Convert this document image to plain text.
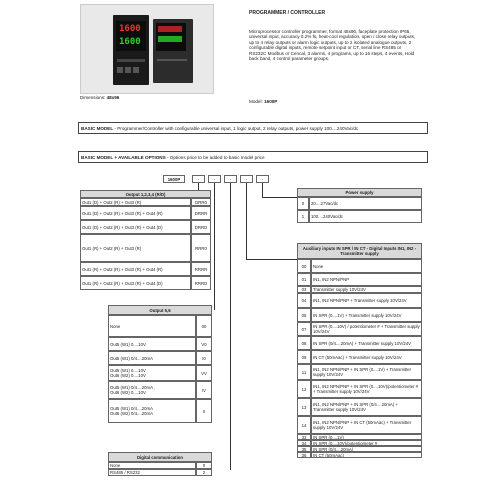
1600
1600
Dimensions: 48x96
PROGRAMMER / CONTROLLER
Microprocessor controller programmer, format 48x96, faceplate protection IP65, universal input, accuracy 0.2% fs, heat-cool regulation, open / close relay outputs, up to 4 relay outputs or alarm logic outputs, up to 2 isolated analogue outputs, 2 configurable digital inputs, remote setpoint input or CT, serial line RS485 or RS232C Modbus or Cencal, 3 alarms, 4 programs, up to 16 steps, 4 events, Hold back band, 4 control parameter groups.
Model: 1600P
BASIC MODEL - Programmer/Controller with configurable universal input, 1 logic output, 2 relay outputs, power supply 100....240Vac/dc
BASIC MODEL + AVAILABLE OPTIONS - Options price to be added to basic model price
1600P	-	-	-	-	-
Output 1,2,3,4 (R/D)
Out1 (D) + Out2 (R) + Out3 (R)	DRR0
Out1 (D) + Out2 (R) + Out3 (R) + Out4 (R)	DRRR
Out1 (D) + Out2 (R) + Out3 (R) + Out4 (D)	DRRD
Out1 (R) + Out2 (R) + Out3 (R)	RRR0
Out1 (R) + Out2 (R) + Out3 (R) + Out4 (R)	RRRR
Out1 (R) + Out2 (R) + Out3 (R) + Out4 (D)	RRRD
Output 5,6
None	00
Out5 (W1) 0....10V	V0
Out5 (W1) 0/4....20mA	I0
Out5 (W1) 0....10V
Out6 (W2) 0....10V	VV
Out5 (W1) 0/4....20mA ,
Out6 (W2) 0....10V	IV
Out5 (W1) 0/4....20mA
Out6 (W2) 0/4....20mA	II
Digital communication
None	0
RS485 / RS232	2
Power supply
0	20....27Vac/dc
1	100....240Vac/dc
Auxiliary inputs IN SPR / IN CT - Digital Inputs IN1, IN2 - Transmitter supply
00	None
01	IN1, IN2 NPN/PNP
03	Transmitter supply 10V/24V
04	IN1, IN2 NPN/PNP + Transmitter supply 10V/24V
05	IN SPR (0....1V) + Transmitter supply 10V/24V
07	IN SPR (0....10V) / potentiometer # + Transmitter supply 10V/24V
08	IN SPR (0/4....20mA) + Transmitter supply 10V/24V
09	IN CT (50mAac) + Transmitter supply 10V/24V
11	IN1, IN2 NPN/PNP + IN SPR (0....1V) + Transmitter supply 10V/24V
12	IN1, IN2 NPN/PNP + IN SPR (0....10V)/potentiometer # + Transmitter supply 10V/24V
13	IN1, IN2 NPN/PNP + IN SPR (0/4....20mA) + Transmitter supply 10V/24V
14	IN1, IN2 NPN/PNP + IN CT (50mAac) + Transmitter supply 10V/24V
33	IN SPR (0....1V)
34	IN SPR (0....10V)/potentiometer #
35	IN SPR (0/4....20mA)
36	IN CT (50mAac)
